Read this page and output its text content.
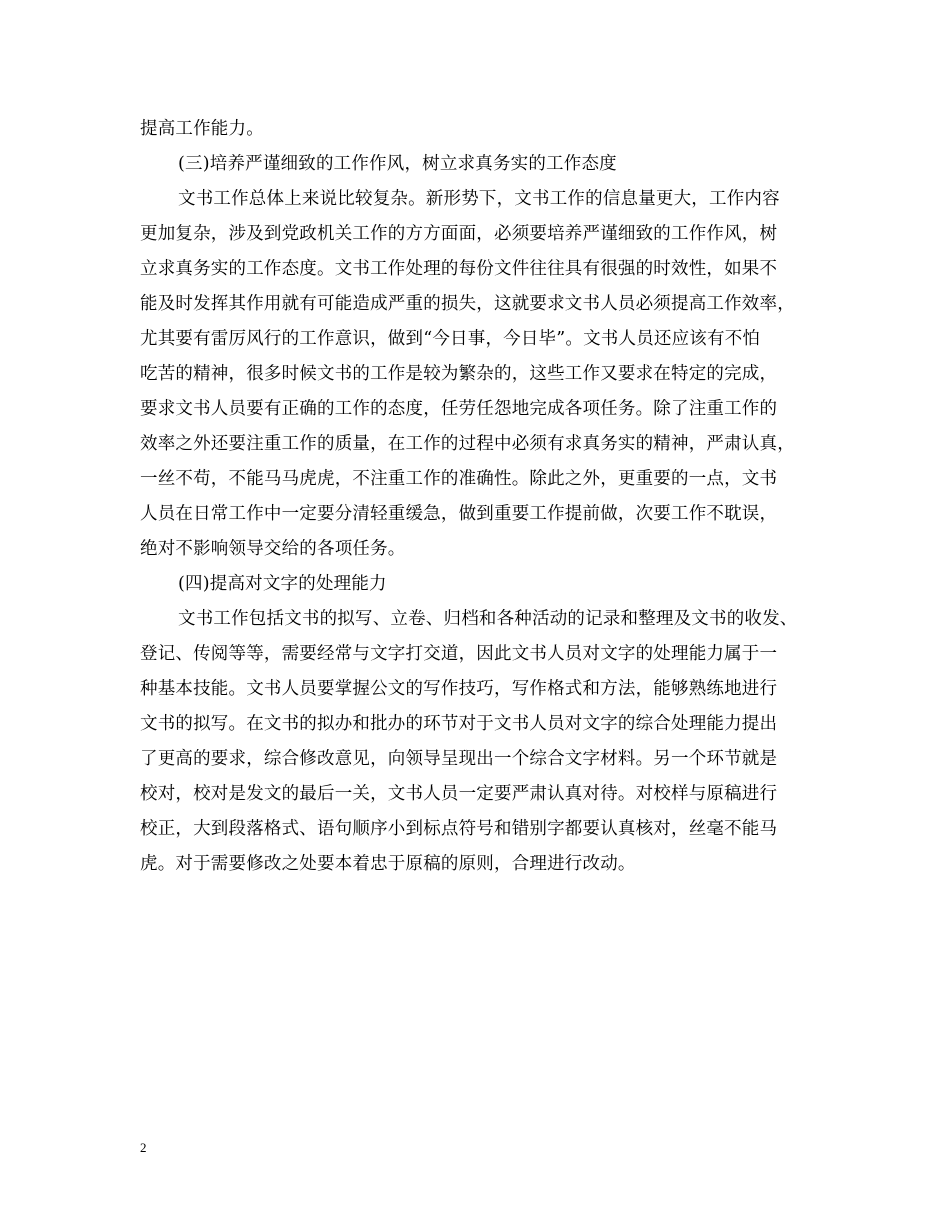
提高工作能力。
(三)培养严谨细致的工作作风，树立求真务实的工作态度
文书工作总体上来说比较复杂。新形势下，文书工作的信息量更大，工作内容
更加复杂，涉及到党政机关工作的方方面面，必须要培养严谨细致的工作作风，树
立求真务实的工作态度。文书工作处理的每份文件往往具有很强的时效性，如果不
能及时发挥其作用就有可能造成严重的损失，这就要求文书人员必须提高工作效率，
尤其要有雷厉风行的工作意识，做到“今日事，今日毕”。文书人员还应该有不怕
吃苦的精神，很多时候文书的工作是较为繁杂的，这些工作又要求在特定的完成，
要求文书人员要有正确的工作的态度，任劳任怨地完成各项任务。除了注重工作的
效率之外还要注重工作的质量，在工作的过程中必须有求真务实的精神，严肃认真，
一丝不苟，不能马马虎虎，不注重工作的准确性。除此之外，更重要的一点，文书
人员在日常工作中一定要分清轻重缓急，做到重要工作提前做，次要工作不耽误，
绝对不影响领导交给的各项任务。
(四)提高对文字的处理能力
文书工作包括文书的拟写、立卷、归档和各种活动的记录和整理及文书的收发、
登记、传阅等等，需要经常与文字打交道，因此文书人员对文字的处理能力属于一
种基本技能。文书人员要掌握公文的写作技巧，写作格式和方法，能够熟练地进行
文书的拟写。在文书的拟办和批办的环节对于文书人员对文字的综合处理能力提出
了更高的要求，综合修改意见，向领导呈现出一个综合文字材料。另一个环节就是
校对，校对是发文的最后一关，文书人员一定要严肃认真对待。对校样与原稿进行
校正，大到段落格式、语句顺序小到标点符号和错别字都要认真核对，丝毫不能马
虎。对于需要修改之处要本着忠于原稿的原则，合理进行改动。
2
